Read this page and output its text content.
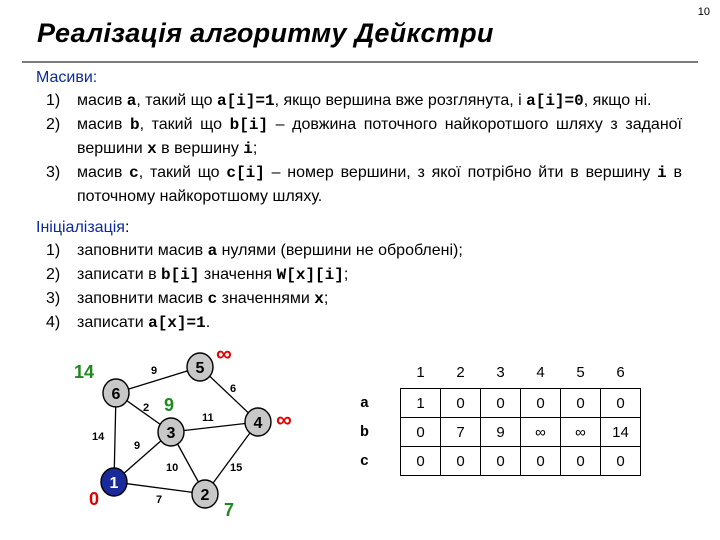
10
Реалізація алгоритму Дейкстри
Масиви:
1) масив a, такий що a[i]=1, якщо вершина вже розглянута, і a[i]=0, якщо ні.
2) масив b, такий що b[i] – довжина поточного найкоротшого шляху з заданої вершини x в вершину i;
3) масив c, такий що c[i] – номер вершини, з якої потрібно йти в вершину i в поточному найкоротшому шляху.
Ініціалізація:
1) заповнити масив a нулями (вершини не оброблені);
2) записати в b[i] значення W[x][i];
3) заповнити масив c значеннями x;
4) записати a[x]=1.
14
9
6
2
11
9
10	15
7
6
5
3
4
1
2
14
∞
9
∞
0
7
	1	2	3	4	5	6
a	1	0	0	0	0	0
b	0	7	9	∞	∞	14
c	0	0	0	0	0	0
